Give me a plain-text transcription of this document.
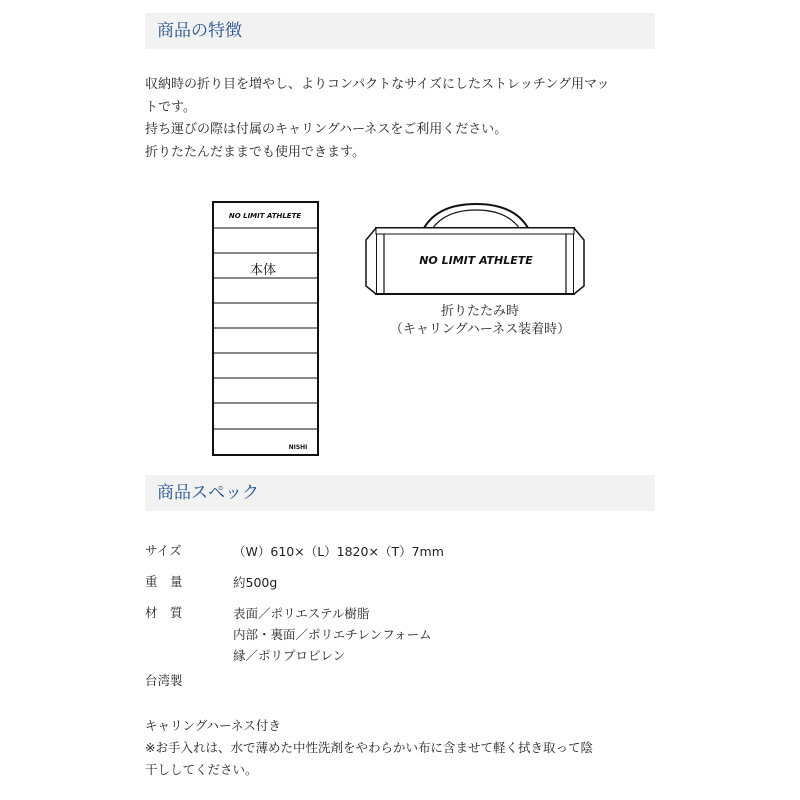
商品の特徴
収納時の折り目を増やし、よりコンパクトなサイズにしたストレッチング用マッ
トです。
持ち運びの際は付属のキャリングハーネスをご利用ください。
折りたたんだままでも使用できます。
NO LIMIT ATHLETE
本体
NISHI
NO LIMIT ATHLETE
折りたたみ時
（キャリングハーネス装着時）
商品スペック
サイズ	（W）610×（L）1820×（T）7mm
重　量	約500g
材　質	表面／ポリエステル樹脂
内部・裏面／ポリエチレンフォーム
縁／ポリプロピレン
台湾製
キャリングハーネス付き
※お手入れは、水で薄めた中性洗剤をやわらかい布に含ませて軽く拭き取って陰
干ししてください。
